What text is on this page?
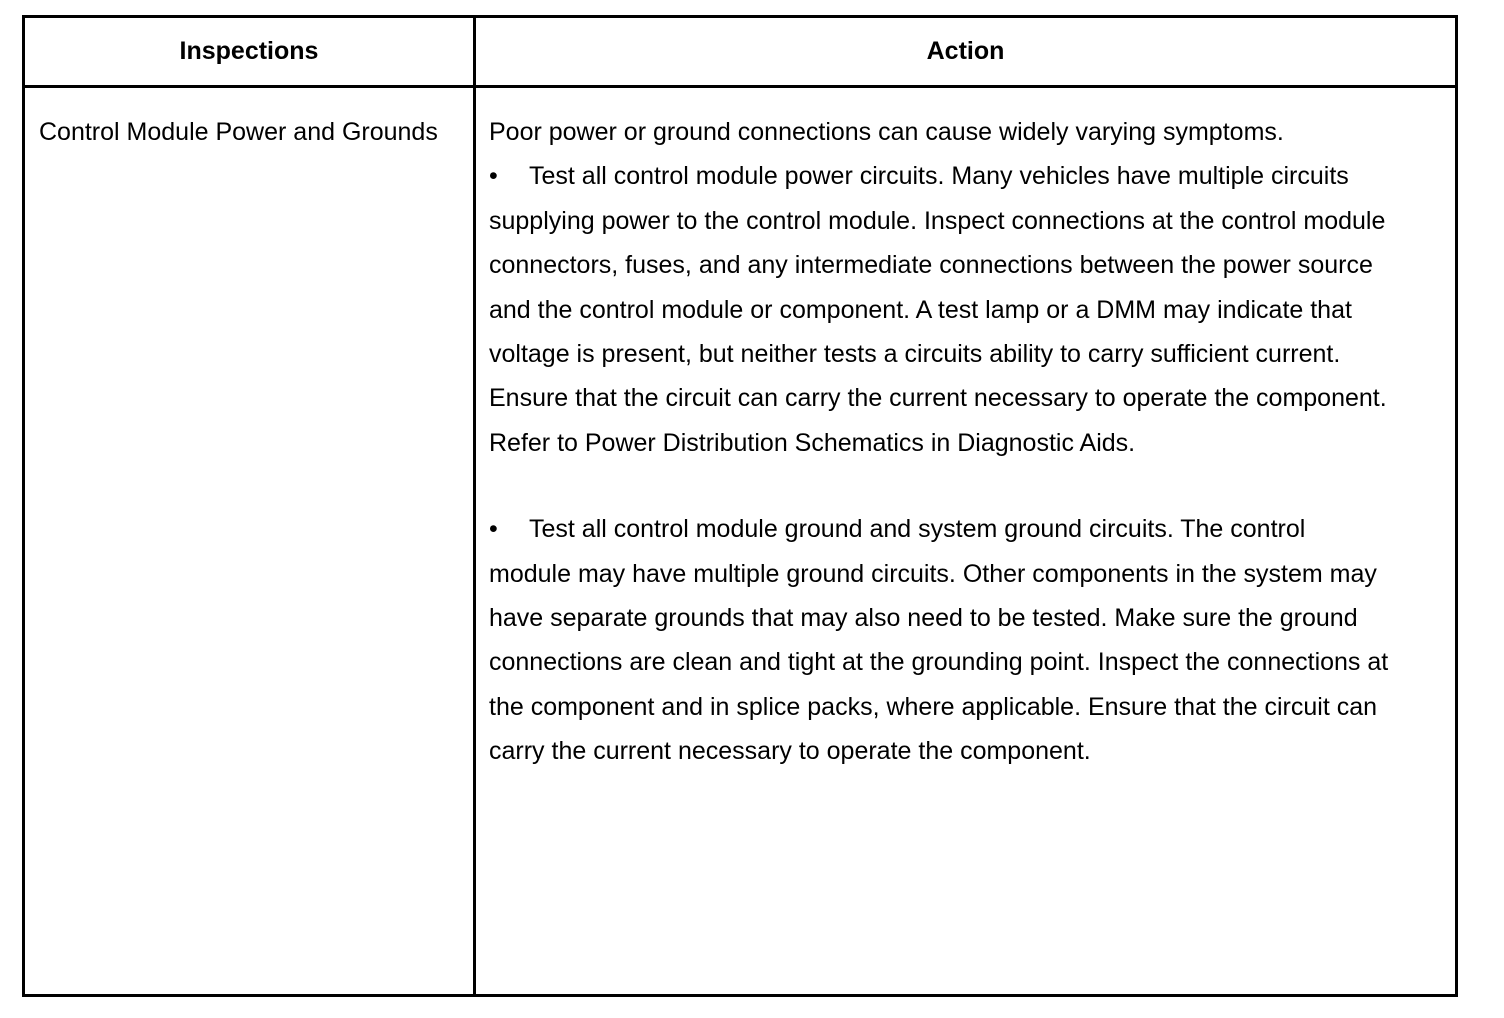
Inspections	Action
Control Module Power and Grounds	Poor power or ground connections can cause widely varying symptoms.

• Test all control module power circuits. Many vehicles have multiple circuits supplying power to the control module. Inspect connections at the control module connectors, fuses, and any intermediate connections between the power source and the control module or component. A test lamp or a DMM may indicate that voltage is present, but neither tests a circuits ability to carry sufficient current. Ensure that the circuit can carry the current necessary to operate the component. Refer to Power Distribution Schematics in Diagnostic Aids.

• Test all control module ground and system ground circuits. The control module may have multiple ground circuits. Other components in the system may have separate grounds that may also need to be tested. Make sure the ground connections are clean and tight at the grounding point. Inspect the connections at the component and in splice packs, where applicable. Ensure that the circuit can carry the current necessary to operate the component.
